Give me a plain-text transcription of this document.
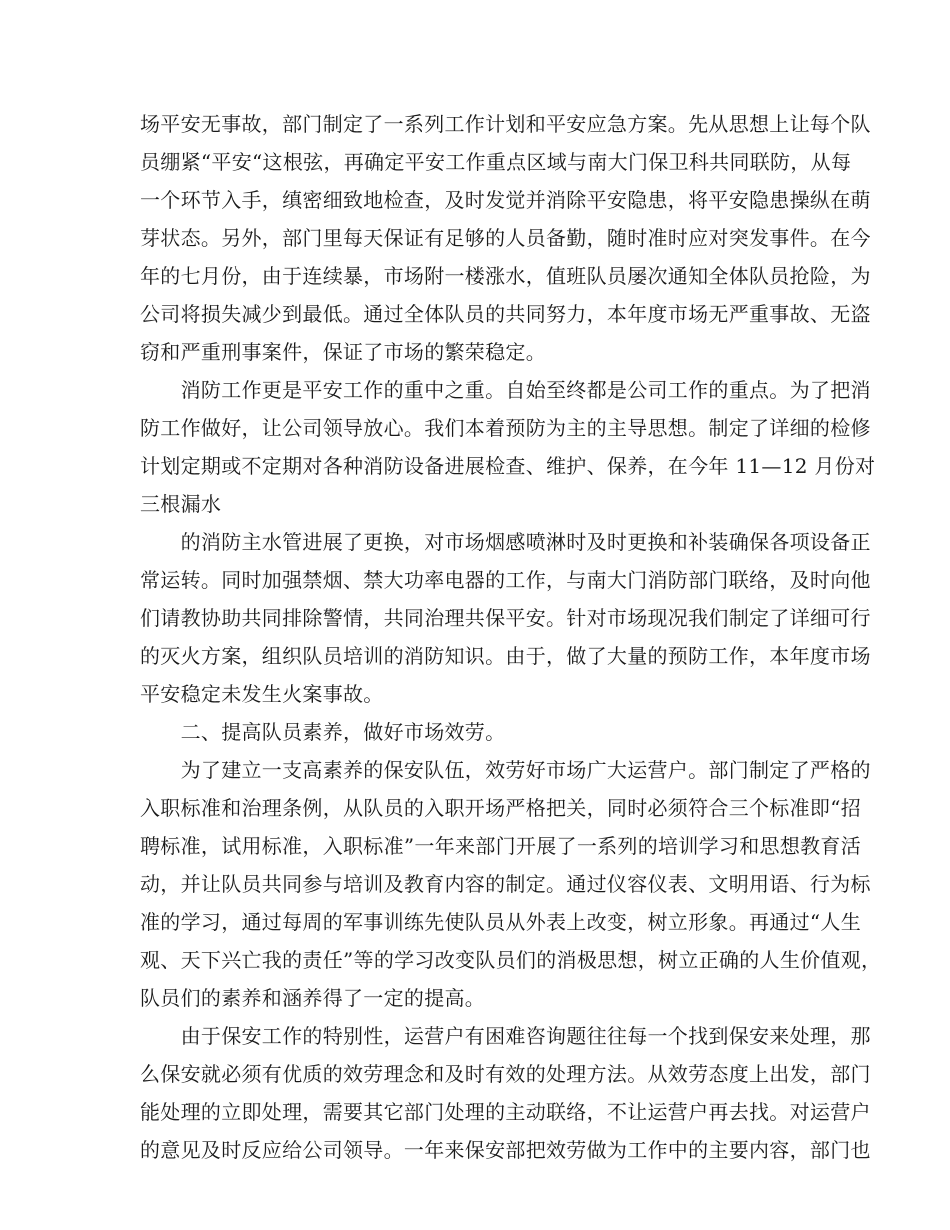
场平安无事故，部门制定了一系列工作计划和平安应急方案。先从思想上让每个队
员绷紧“平安“这根弦，再确定平安工作重点区域与南大门保卫科共同联防，从每
一个环节入手，缜密细致地检查，及时发觉并消除平安隐患，将平安隐患操纵在萌
芽状态。另外，部门里每天保证有足够的人员备勤，随时准时应对突发事件。在今
年的七月份，由于连续暴，市场附一楼涨水，值班队员屡次通知全体队员抢险，为
公司将损失减少到最低。通过全体队员的共同努力，本年度市场无严重事故、无盗
窃和严重刑事案件，保证了市场的繁荣稳定。
　　消防工作更是平安工作的重中之重。自始至终都是公司工作的重点。为了把消
防工作做好，让公司领导放心。我们本着预防为主的主导思想。制定了详细的检修
计划定期或不定期对各种消防设备进展检查、维护、保养，在今年 11—12 月份对
三根漏水
　　的消防主水管进展了更换，对市场烟感喷淋时及时更换和补装确保各项设备正
常运转。同时加强禁烟、禁大功率电器的工作，与南大门消防部门联络，及时向他
们请教协助共同排除警情，共同治理共保平安。针对市场现况我们制定了详细可行
的灭火方案，组织队员培训的消防知识。由于，做了大量的预防工作，本年度市场
平安稳定未发生火案事故。
　　二、提高队员素养，做好市场效劳。
　　为了建立一支高素养的保安队伍，效劳好市场广大运营户。部门制定了严格的
入职标准和治理条例，从队员的入职开场严格把关，同时必须符合三个标准即“招
聘标准，试用标准，入职标准”一年来部门开展了一系列的培训学习和思想教育活
动，并让队员共同参与培训及教育内容的制定。通过仪容仪表、文明用语、行为标
准的学习，通过每周的军事训练先使队员从外表上改变，树立形象。再通过“人生
观、天下兴亡我的责任”等的学习改变队员们的消极思想，树立正确的人生价值观，
队员们的素养和涵养得了一定的提高。
　　由于保安工作的特别性，运营户有困难咨询题往往每一个找到保安来处理，那
么保安就必须有优质的效劳理念和及时有效的处理方法。从效劳态度上出发，部门
能处理的立即处理，需要其它部门处理的主动联络，不让运营户再去找。对运营户
的意见及时反应给公司领导。一年来保安部把效劳做为工作中的主要内容，部门也
